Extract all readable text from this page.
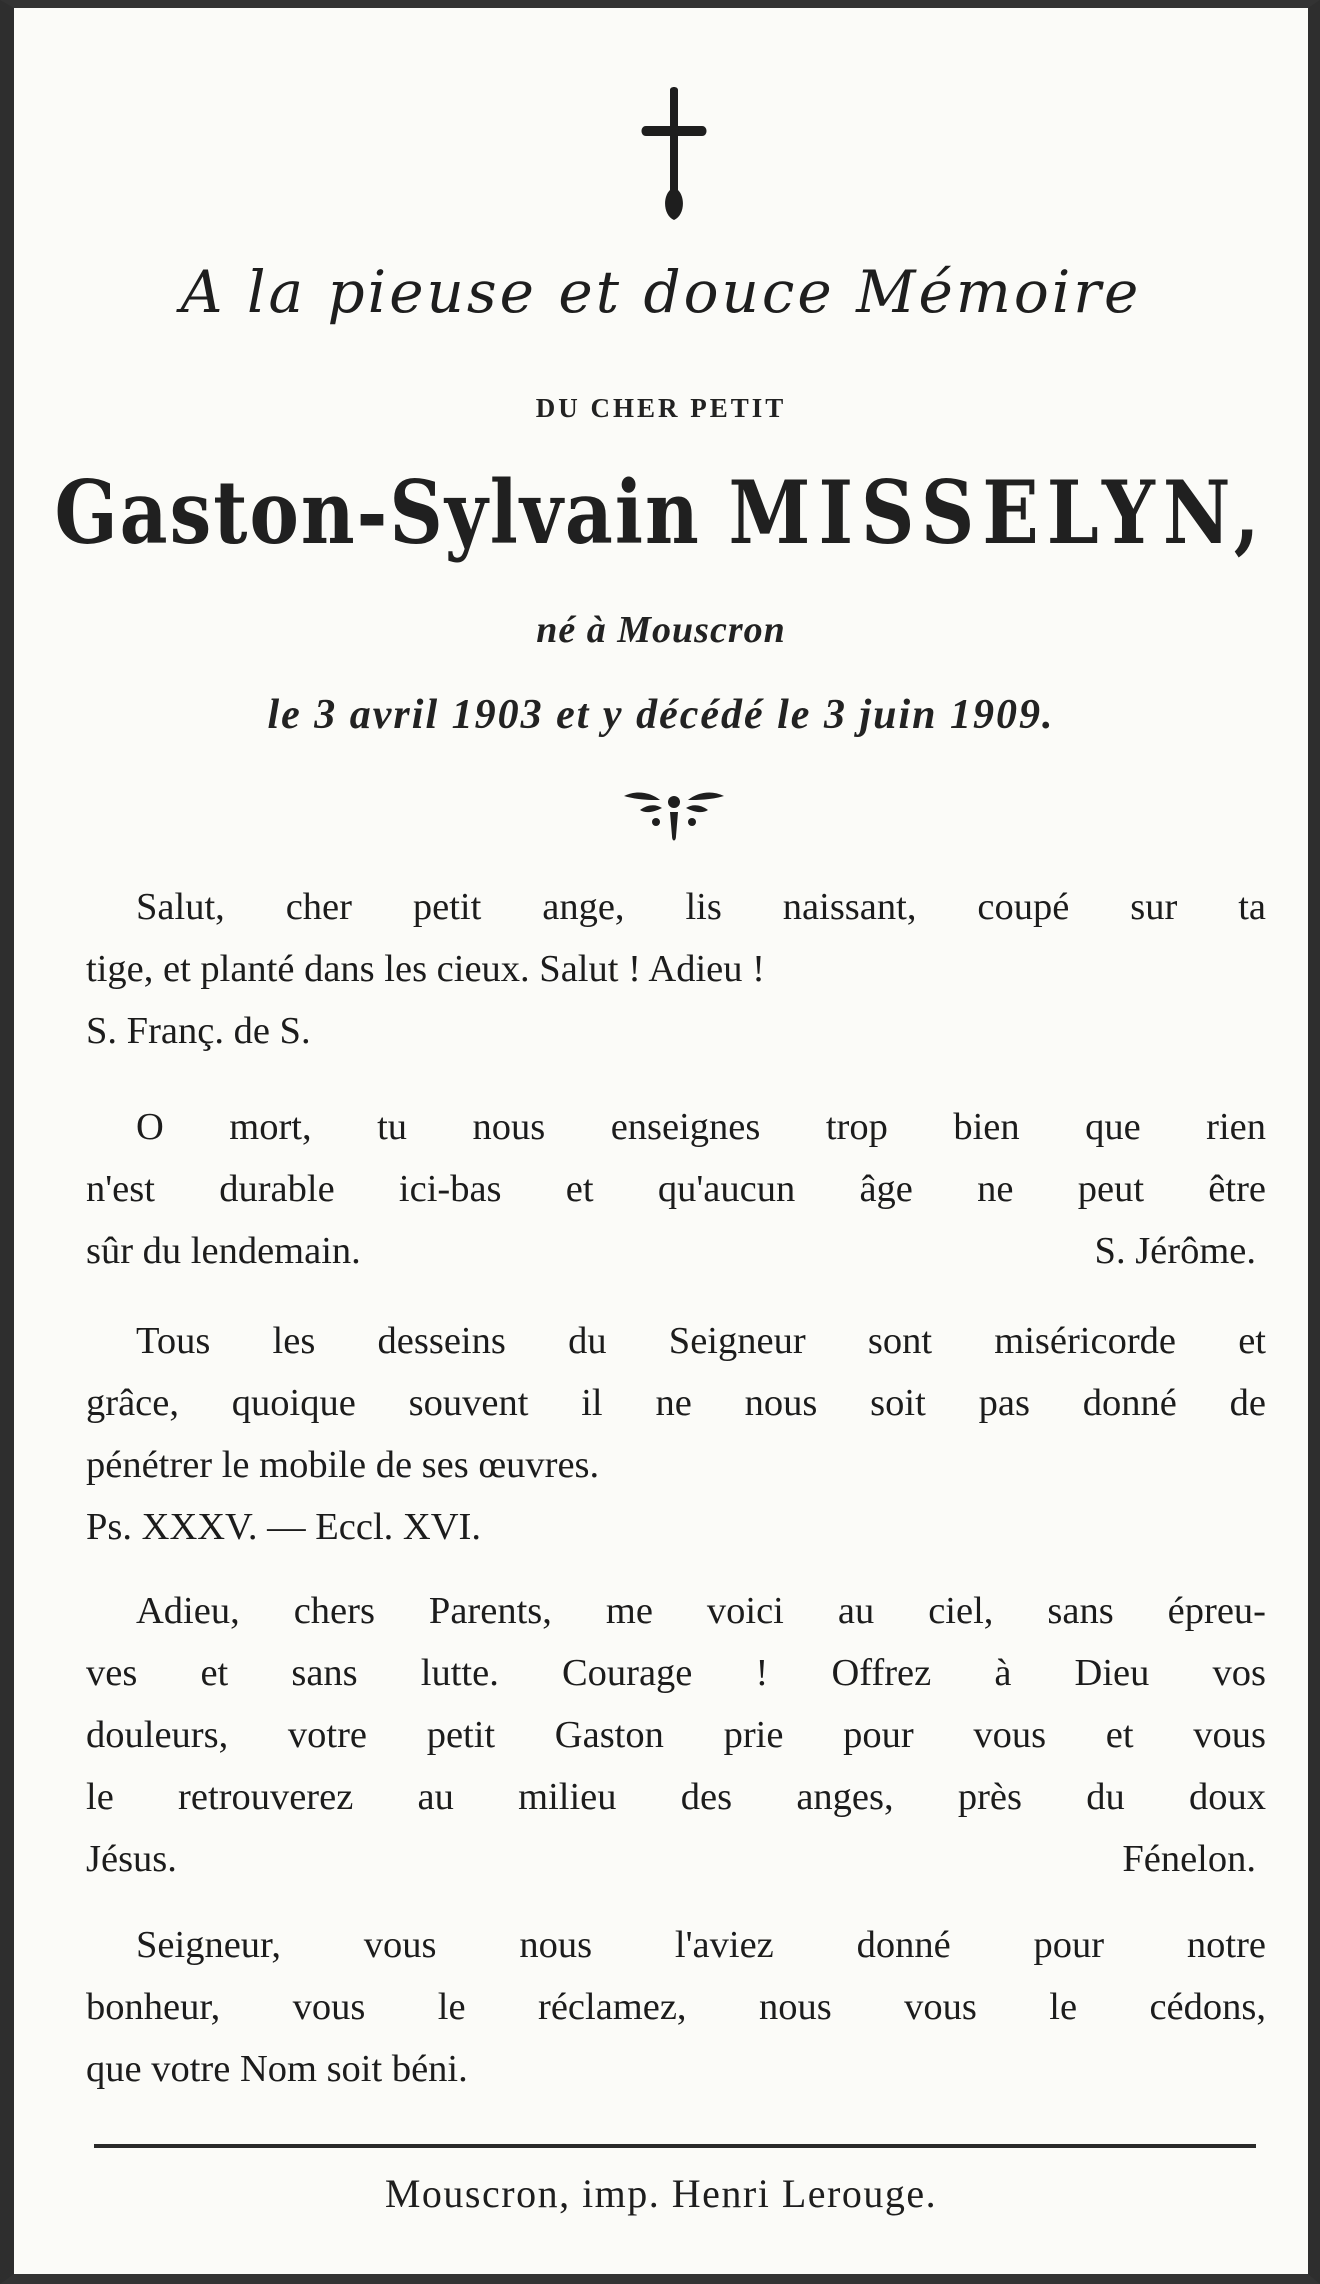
A la pieuse et douce Mémoire
DU CHER PETIT
Gaston-Sylvain MISSELYN,
né à Mouscron
le 3 avril 1903 et y décédé le 3 juin 1909.
Salut, cher petit ange, lis naissant, coupé sur ta
tige, et planté dans les cieux. Salut ! Adieu !
S. Franç. de S.
O mort, tu nous enseignes trop bien que rien
n'est durable ici-bas et qu'aucun âge ne peut être
sûr du lendemain.	S. Jérôme.
Tous les desseins du Seigneur sont miséricorde et
grâce, quoique souvent il ne nous soit pas donné de
pénétrer le mobile de ses œuvres.
Ps. XXXV. — Eccl. XVI.
Adieu, chers Parents, me voici au ciel, sans épreu-
ves et sans lutte. Courage ! Offrez à Dieu vos
douleurs, votre petit Gaston prie pour vous et vous
le retrouverez au milieu des anges, près du doux
Jésus.	Fénelon.
Seigneur, vous nous l'aviez donné pour notre
bonheur, vous le réclamez, nous vous le cédons,
que votre Nom soit béni.
Mouscron, imp. Henri Lerouge.
